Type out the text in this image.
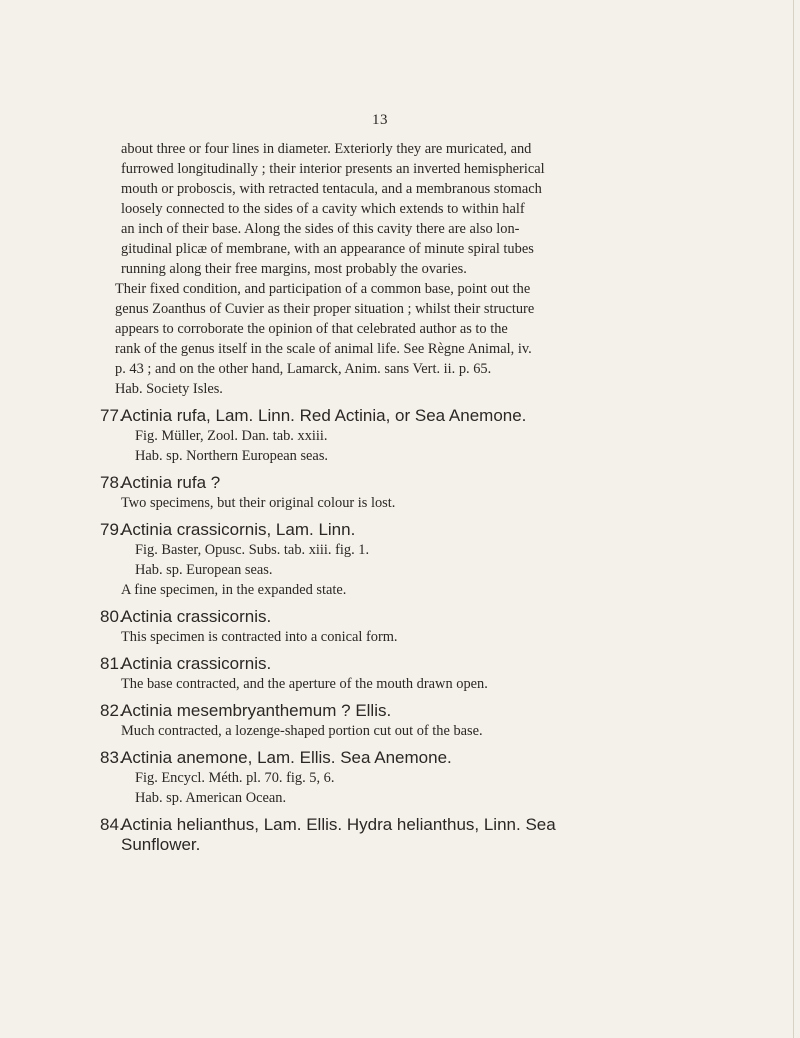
13
about three or four lines in diameter. Exteriorly they are muricated, and
furrowed longitudinally ; their interior presents an inverted hemispherical
mouth or proboscis, with retracted tentacula, and a membranous stomach
loosely connected to the sides of a cavity which extends to within half
an inch of their base. Along the sides of this cavity there are also lon-
gitudinal plicæ of membrane, with an appearance of minute spiral tubes
running along their free margins, most probably the ovaries.
Their fixed condition, and participation of a common base, point out the
genus Zoanthus of Cuvier as their proper situation ; whilst their structure
appears to corroborate the opinion of that celebrated author as to the
rank of the genus itself in the scale of animal life. See Règne Animal, iv.
p. 43 ; and on the other hand, Lamarck, Anim. sans Vert. ii. p. 65.
Hab. Society Isles.
77.
Actinia rufa, Lam. Linn. Red Actinia, or Sea Anemone.
Fig. Müller, Zool. Dan. tab. xxiii.
Hab. sp. Northern European seas.
78.
Actinia rufa ?
Two specimens, but their original colour is lost.
79.
Actinia crassicornis, Lam. Linn.
Fig. Baster, Opusc. Subs. tab. xiii. fig. 1.
Hab. sp. European seas.
A fine specimen, in the expanded state.
80.
Actinia crassicornis.
This specimen is contracted into a conical form.
81.
Actinia crassicornis.
The base contracted, and the aperture of the mouth drawn open.
82.
Actinia mesembryanthemum ? Ellis.
Much contracted, a lozenge-shaped portion cut out of the base.
83.
Actinia anemone, Lam. Ellis. Sea Anemone.
Fig. Encycl. Méth. pl. 70. fig. 5, 6.
Hab. sp. American Ocean.
84.
Actinia helianthus, Lam. Ellis. Hydra helianthus, Linn. Sea
Sunflower.
